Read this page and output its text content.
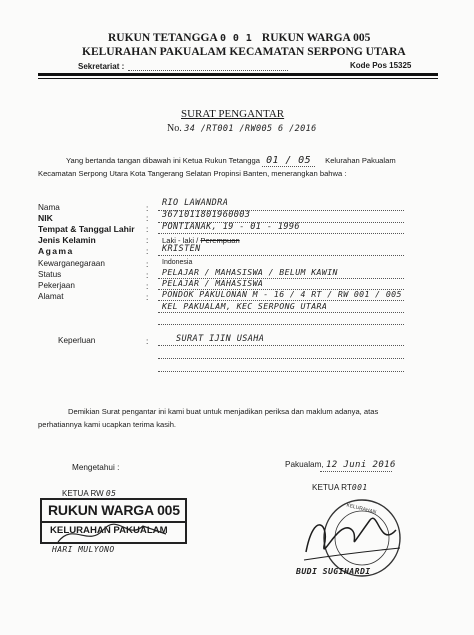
RUKUN TETANGGA 0 0 1 RUKUN WARGA 005
KELURAHAN PAKUALAM KECAMATAN SERPONG UTARA
Sekretariat :	Kode Pos 15325
SURAT PENGANTAR
No. 34 /RT001 /RW005 6 /2016
Yang bertanda tangan dibawah ini Ketua Rukun Tetangga 01 / 05 Kelurahan Pakualam
Kecamatan Serpong Utara Kota Tangerang Selatan Propinsi Banten, menerangkan bahwa :
Nama	: RIO LAWANDRA
NIK	: 3671011801960003
Tempat & Tanggal Lahir : PONTIANAK, 19 - 01 - 1996
Jenis Kelamin	: Laki - laki / Perempuan
Agama	: KRISTEN
Kewarganegaraan	: Indonesia
Status	: PELAJAR / MAHASISWA / BELUM KAWIN
Pekerjaan	: PELAJAR / MAHASISWA
Alamat	: PONDOK PAKULONAN M - 16 / 4 RT / RW 001 / 005
KEL PAKUALAM, KEC SERPONG UTARA
Keperluan	:	SURAT IJIN USAHA
Demikian Surat pengantar ini kami buat untuk menjadikan periksa dan maklum adanya, atas
perhatiannya kami ucapkan terima kasih.
Mengetahui :	Pakualam, 12 Juni 2016
KETUA RT001
KETUA RW 05
RUKUN WARGA 005
KELURAHAN PAKUALAM
HARI MULYONO
KELURAHAN
BUDI SUGIHARDI
